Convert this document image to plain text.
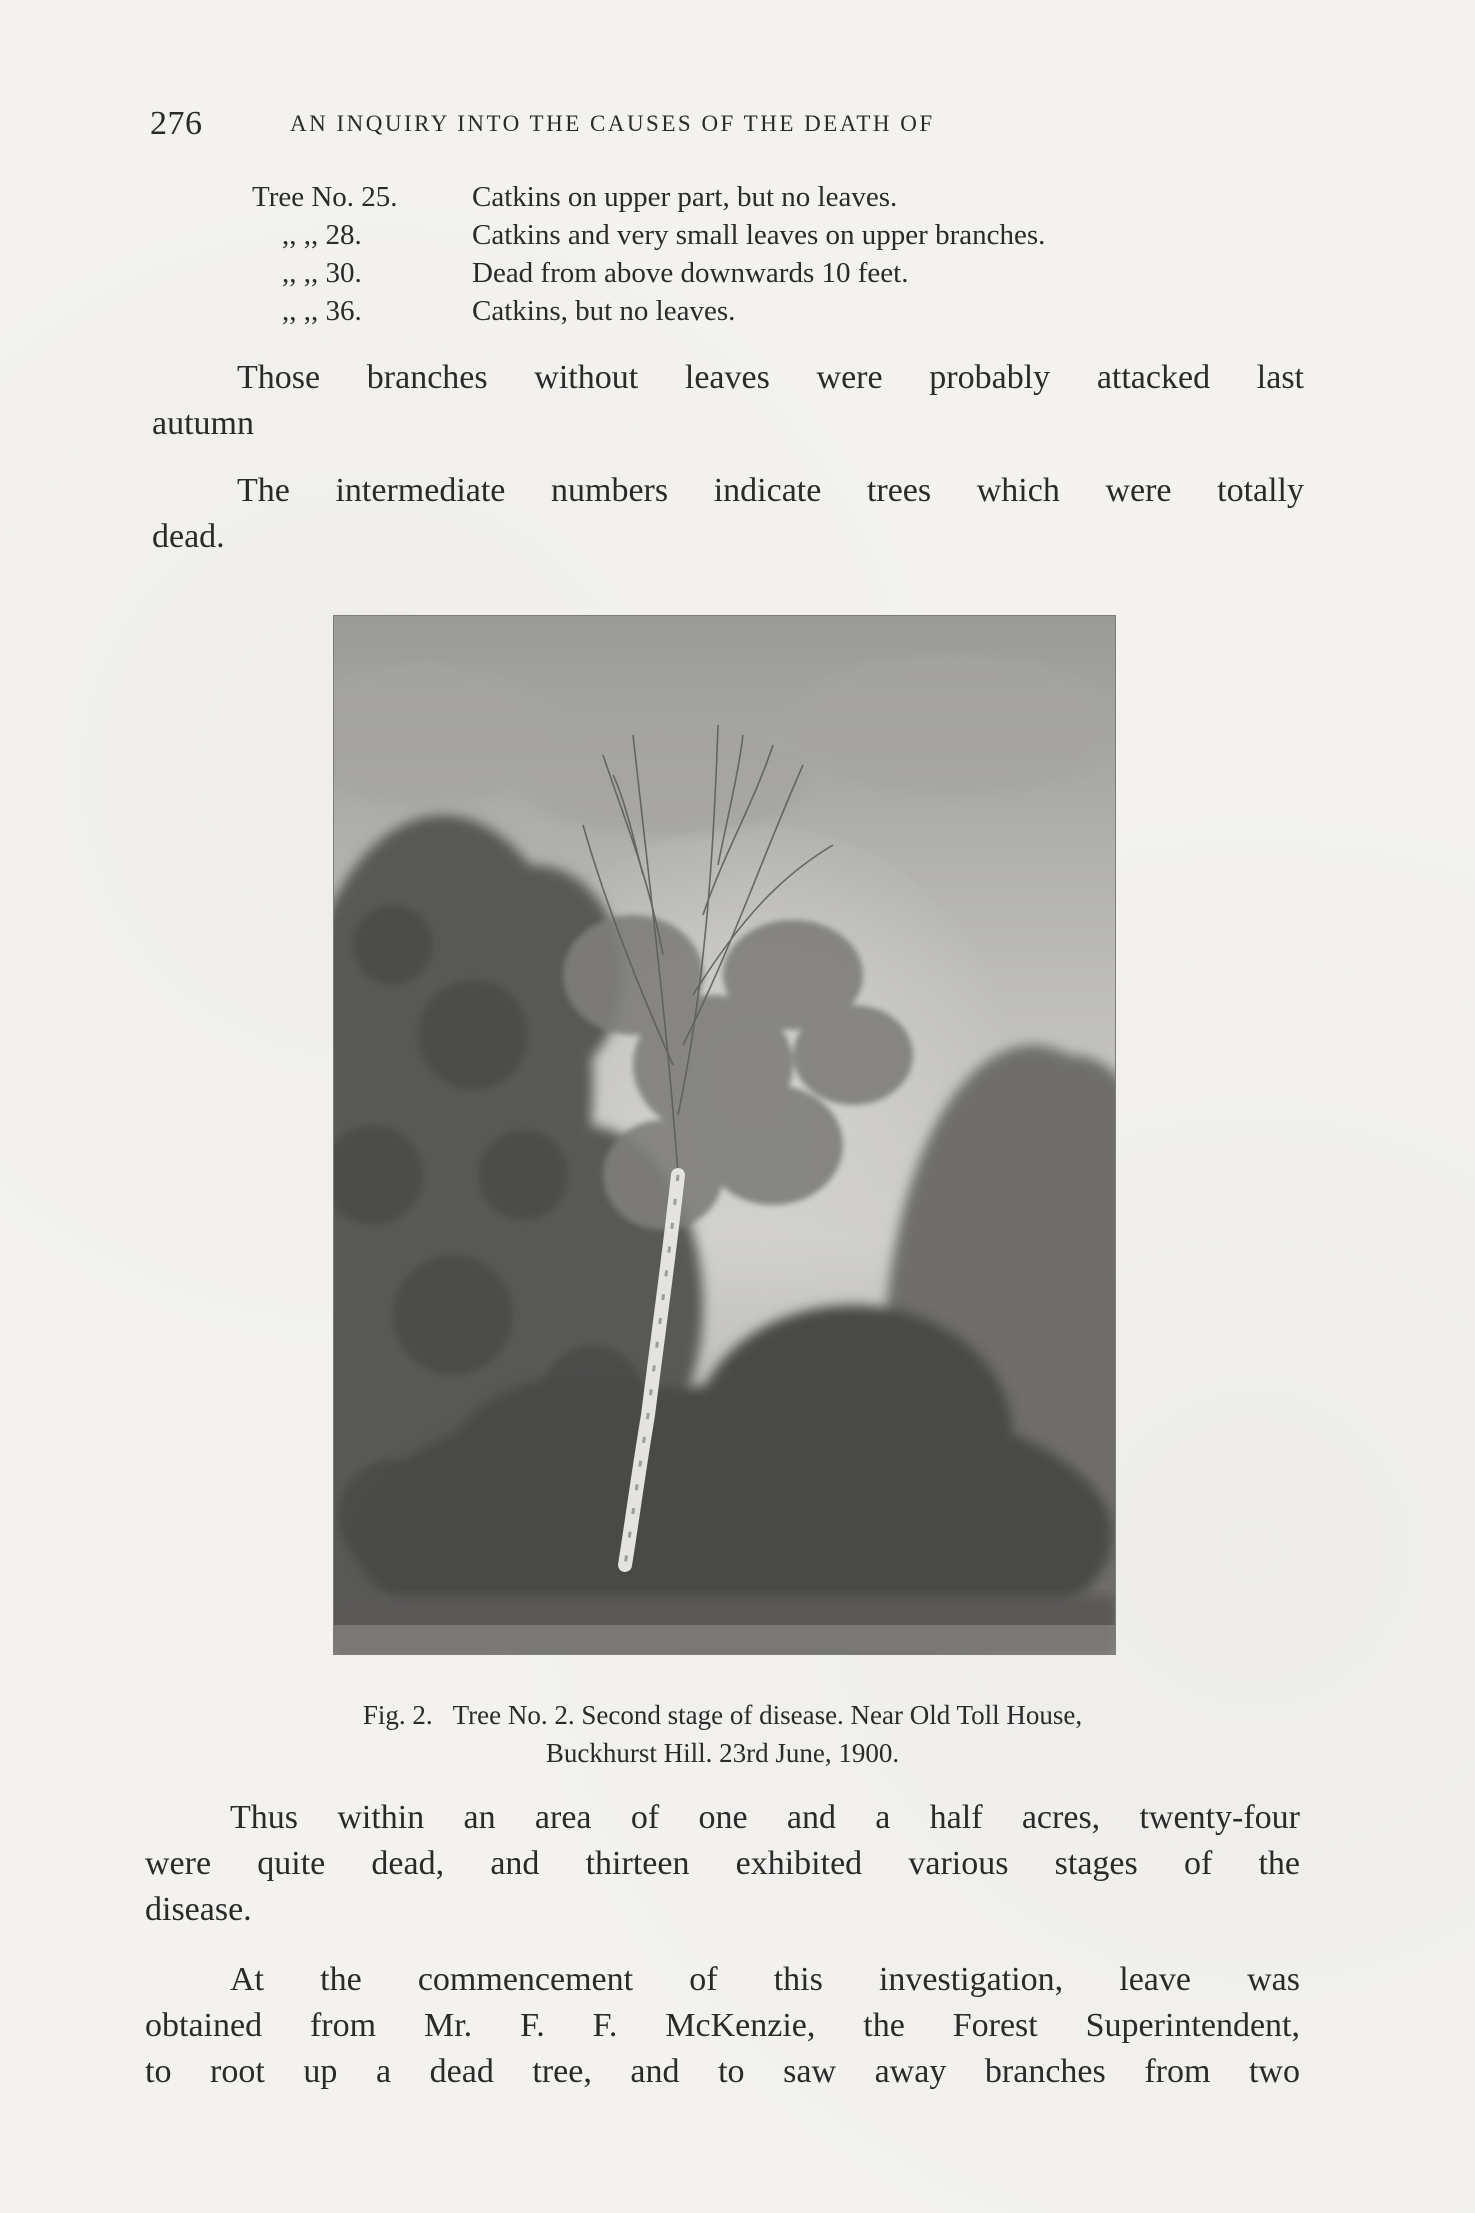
276	AN INQUIRY INTO THE CAUSES OF THE DEATH OF
Tree No. 25.	Catkins on upper part, but no leaves.
,, ,, 28.	Catkins and very small leaves on upper branches.
,, ,, 30.	Dead from above downwards 10 feet.
,, ,, 36.	Catkins, but no leaves.
Those branches without leaves were probably attacked last
autumn
The intermediate numbers indicate trees which were totally
dead.
Fig. 2. Tree No. 2. Second stage of disease. Near Old Toll House,
Buckhurst Hill. 23rd June, 1900.
Thus within an area of one and a half acres, twenty-four
were quite dead, and thirteen exhibited various stages of the
disease.
At the commencement of this investigation, leave was
obtained from Mr. F. F. McKenzie, the Forest Superintendent,
to root up a dead tree, and to saw away branches from two
